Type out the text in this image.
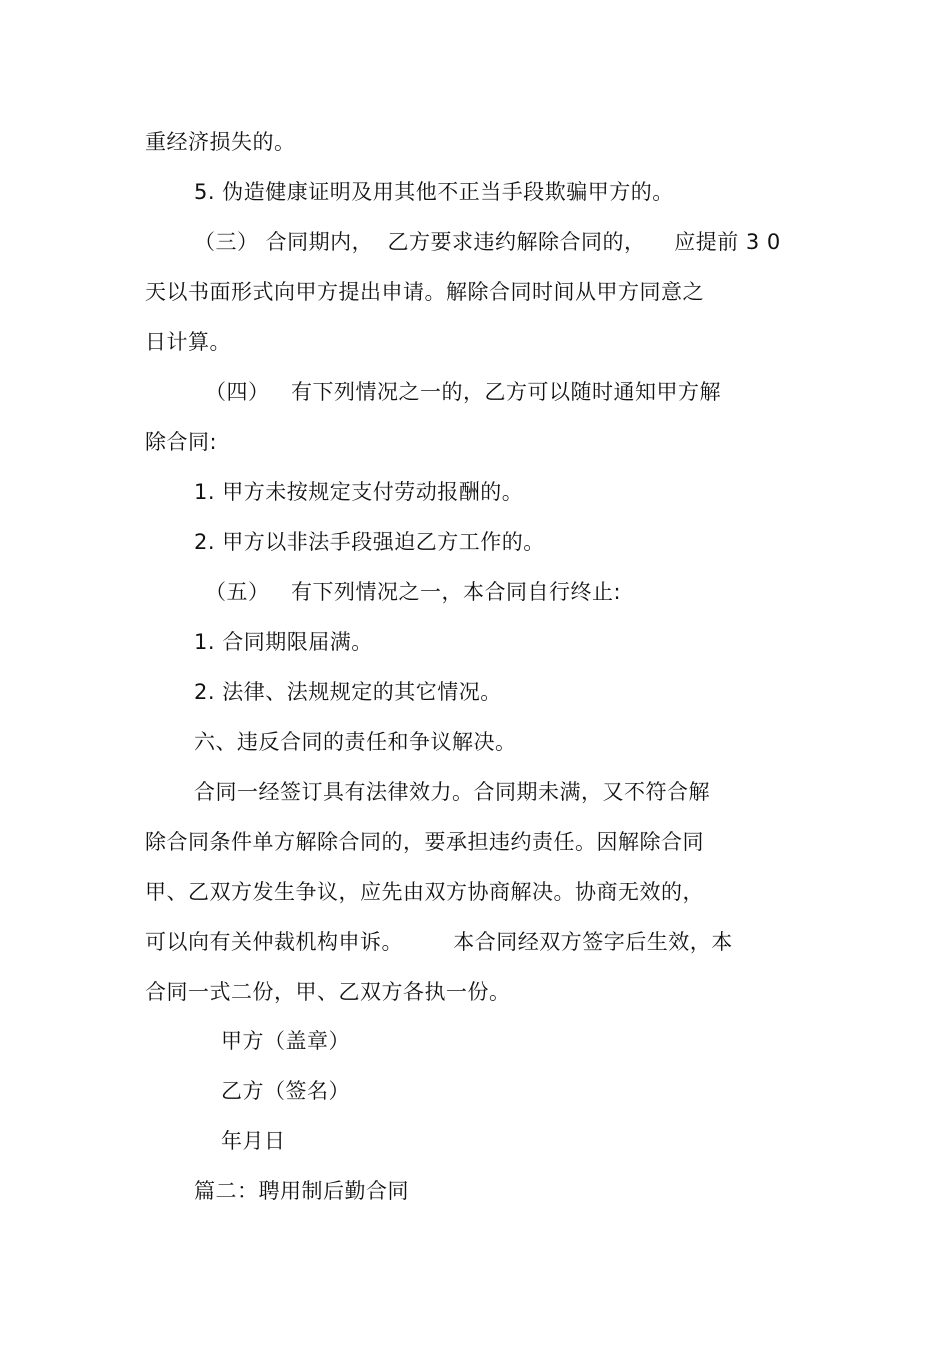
重经济损失的。
5. 伪造健康证明及用其他不正当手段欺骗甲方的。
（三） 合同期内，  乙方要求违约解除合同的，    应提前 3 0
天以书面形式向甲方提出申请。解除合同时间从甲方同意之
日计算。
（四）   有下列情况之一的，乙方可以随时通知甲方解
除合同:
1. 甲方未按规定支付劳动报酬的。
2. 甲方以非法手段强迫乙方工作的。
（五）   有下列情况之一，本合同自行终止:
1. 合同期限届满。
2. 法律、法规规定的其它情况。
六、违反合同的责任和争议解决。
合同一经签订具有法律效力。合同期未满，又不符合解
除合同条件单方解除合同的，要承担违约责任。因解除合同
甲、乙双方发生争议，应先由双方协商解决。协商无效的，
可以向有关仲裁机构申诉。       本合同经双方签字后生效，本
合同一式二份，甲、乙双方各执一份。
甲方（盖章）
乙方（签名）
年月日
篇二：聘用制后勤合同
